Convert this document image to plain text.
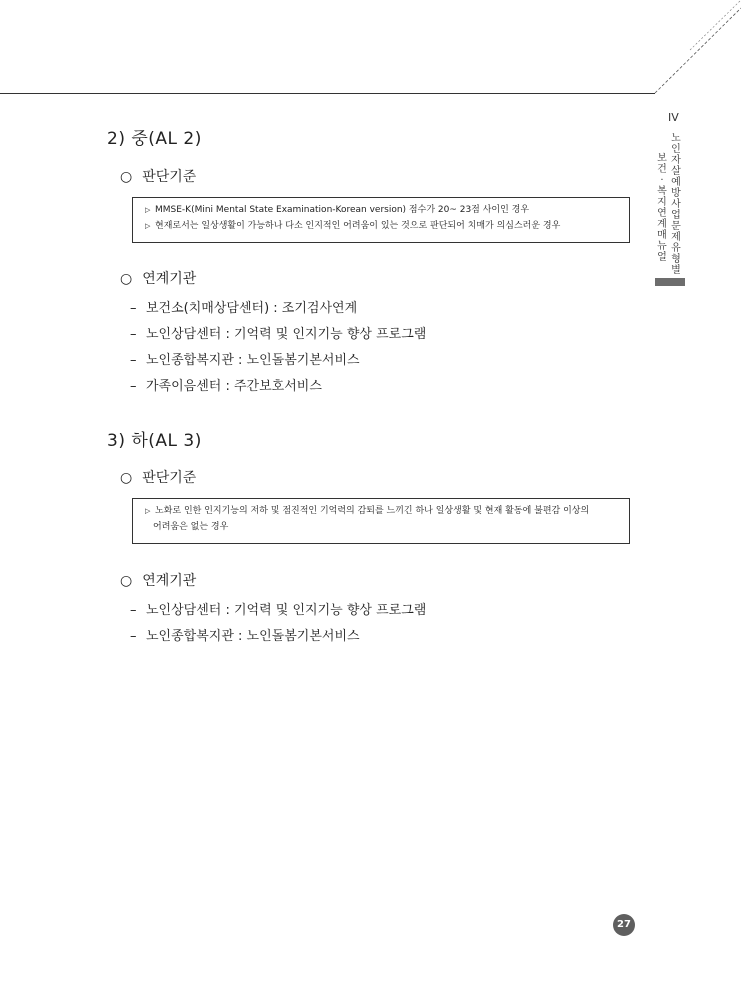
IV
노인자살예방사업 문제유형별
보건·복지 연계 매뉴얼
2) 중(AL 2)
○ 판단기준
▷ MMSE-K(Mini Mental State Examination-Korean version) 점수가 20~ 23점 사이인 경우
▷ 현재로서는 일상생활이 가능하나 다소 인지적인 어려움이 있는 것으로 판단되어 치매가 의심스러운 경우
○ 연계기관
– 보건소(치매상담센터) : 조기검사연계
– 노인상담센터 : 기억력 및 인지기능 향상 프로그램
– 노인종합복지관 : 노인돌봄기본서비스
– 가족이음센터 : 주간보호서비스
3) 하(AL 3)
○ 판단기준
▷ 노화로 인한 인지기능의 저하 및 점진적인 기억력의 감퇴를 느끼긴 하나 일상생활 및 현재 활동에 불편감 이상의
어려움은 없는 경우
○ 연계기관
– 노인상담센터 : 기억력 및 인지기능 향상 프로그램
– 노인종합복지관 : 노인돌봄기본서비스
27
